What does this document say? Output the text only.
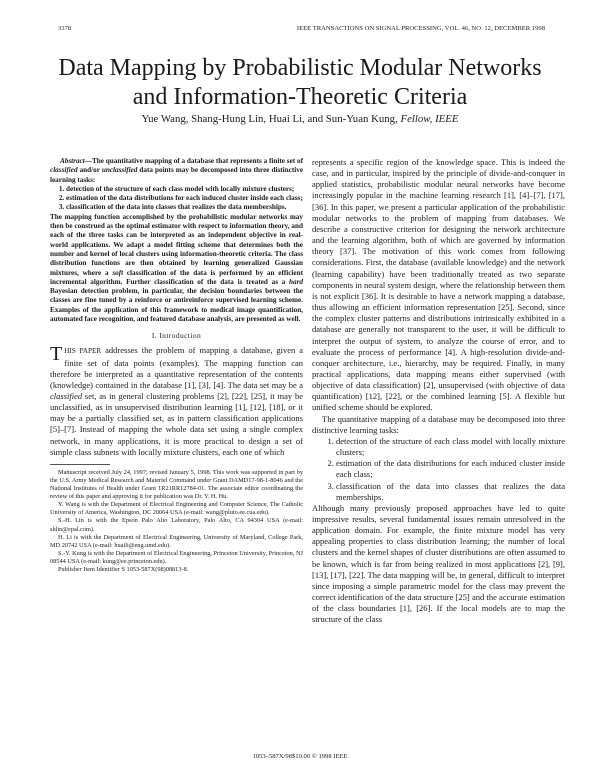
3378	IEEE TRANSACTIONS ON SIGNAL PROCESSING, VOL. 46, NO. 12, DECEMBER 1998
Data Mapping by Probabilistic Modular Networks and Information-Theoretic Criteria
Yue Wang, Shang-Hung Lin, Huai Li, and Sun-Yuan Kung, Fellow, IEEE

Abstract—The quantitative mapping of a database that represents a finite set of classified and/or unclassified data points may be decomposed into three distinctive learning tasks:

1. detection of the structure of each class model with locally mixture clusters;
2. estimation of the data distributions for each induced cluster inside each class;
3. classification of the data into classes that realizes the data memberships.

The mapping function accomplished by the probabilistic modular networks may then be construed as the optimal estimator with respect to information theory, and each of the three tasks can be interpreted as an independent objective in real-world applications. We adapt a model fitting scheme that determines both the number and kernel of local clusters using information-theoretic criteria. The class distribution functions are then obtained by learning generalized Gaussian mixtures, where a soft classification of the data is performed by an efficient incremental algorithm. Further classification of the data is treated as a hard Bayesian detection problem, in particular, the decision boundaries between the classes are fine tuned by a reinforce or antireinforce supervised learning scheme. Examples of the application of this framework to medical image quantification, automated face recognition, and featured database analysis, are presented as well.

I. Introduction

THIS PAPER addresses the problem of mapping a database, given a finite set of data points (examples). The mapping function can therefore be interpreted as a quantitative representation of the contents (knowledge) contained in the database [1], [3], [4]. The data set may be a classified set, as in general clustering problems [2], [22], [25], it may be unclassified, as in unsupervised distribution learning [1], [12], [18], or it may be a partially classified set, as in pattern classification applications [5]–[7]. Instead of mapping the whole data set using a single complex network, in many applications, it is more practical to design a set of simple class subnets with locally mixture clusters, each one of which

Manuscript received July 24, 1997; revised January 5, 1998. This work was supported in part by the U.S. Army Medical Research and Materiel Command under Grant DAMD17-98-1-8046 and the National Institutes of Health under Grant 1R21RR12784-01. The associate editor coordinating the review of this paper and approving it for publication was Dr. Y. H. Hu.

Y. Wang is with the Department of Electrical Engineering and Computer Science, The Catholic University of America, Washington, DC 20064 USA (e-mail: wang@pluto.ee.cua.edu).

S.-H. Lin is with the Epson Palo Alto Laboratory, Palo Alto, CA 94304 USA (e-mail: shlin@epal.com).

H. Li is with the Department of Electrical Engineering, University of Maryland, College Park, MD 20742 USA (e-mail: huaili@eng.umd.edu).

S.-Y. Kung is with the Department of Electrical Engineering, Princeton University, Princeton, NJ 08544 USA (e-mail: kung@ee.princeton.edu).

Publisher Item Identifier S 1053-587X(98)08813-8.

represents a specific region of the knowledge space. This is indeed the case, and in particular, inspired by the principle of divide-and-conquer in applied statistics, probabilistic modular neural networks have become increasingly popular in the machine learning research [1], [4]–[7], [17], [36]. In this paper, we present a particular application of the probabilistic modular networks to the problem of mapping from databases. We describe a constructive criterion for designing the network architecture and the learning algorithm, both of which are governed by information theory [37]. The motivation of this work comes from following considerations. First, the database (available knowledge) and the network (learning capability) have been traditionally treated as two separate components in neural system design, where the relationship between them is not explicit [36]. It is desirable to have a network mapping a database, thus allowing an efficient information representation [25]. Second, since the complex cluster patterns and distributions intrinsically exhibited in a database are generally not transparent to the user, it will be difficult to interpret the output of system, to analyze the course of error, and to evaluate the process of performance [4]. A high-resolution divide-and-conquer architecture, i.e., hierarchy, may be required. Finally, in many practical applications, data mapping means either supervised (with objective of data classification) [2], unsupervised (with objective of data quantification) [12], [22], or the combined learning [5]. A flexible but unified scheme should be explored.

The quantitative mapping of a database may be decomposed into three distinctive learning tasks:

1. detection of the structure of each class model with locally mixture clusters;
2. estimation of the data distributions for each induced cluster inside each class;
3. classification of the data into classes that realizes the data memberships.

Although many previously proposed approaches have led to quite impressive results, several fundamental issues remain unresolved in the application domain. For example, the finite mixture model has very appealing properties to class distribution learning; the number of local clusters and the kernel shapes of cluster distributions are often assumed to be known, which is far from being realized in most applications [2], [9], [13], [17], [22]. The data mapping will be, in general, difficult to interpret since imposing a simple parametric model for the class may prevent the correct identification of the data structure [25] and the accurate estimation of the class boundaries [1], [26]. If the local models are to map the structure of the class

1053–587X/98$10.00 © 1998 IEEE
